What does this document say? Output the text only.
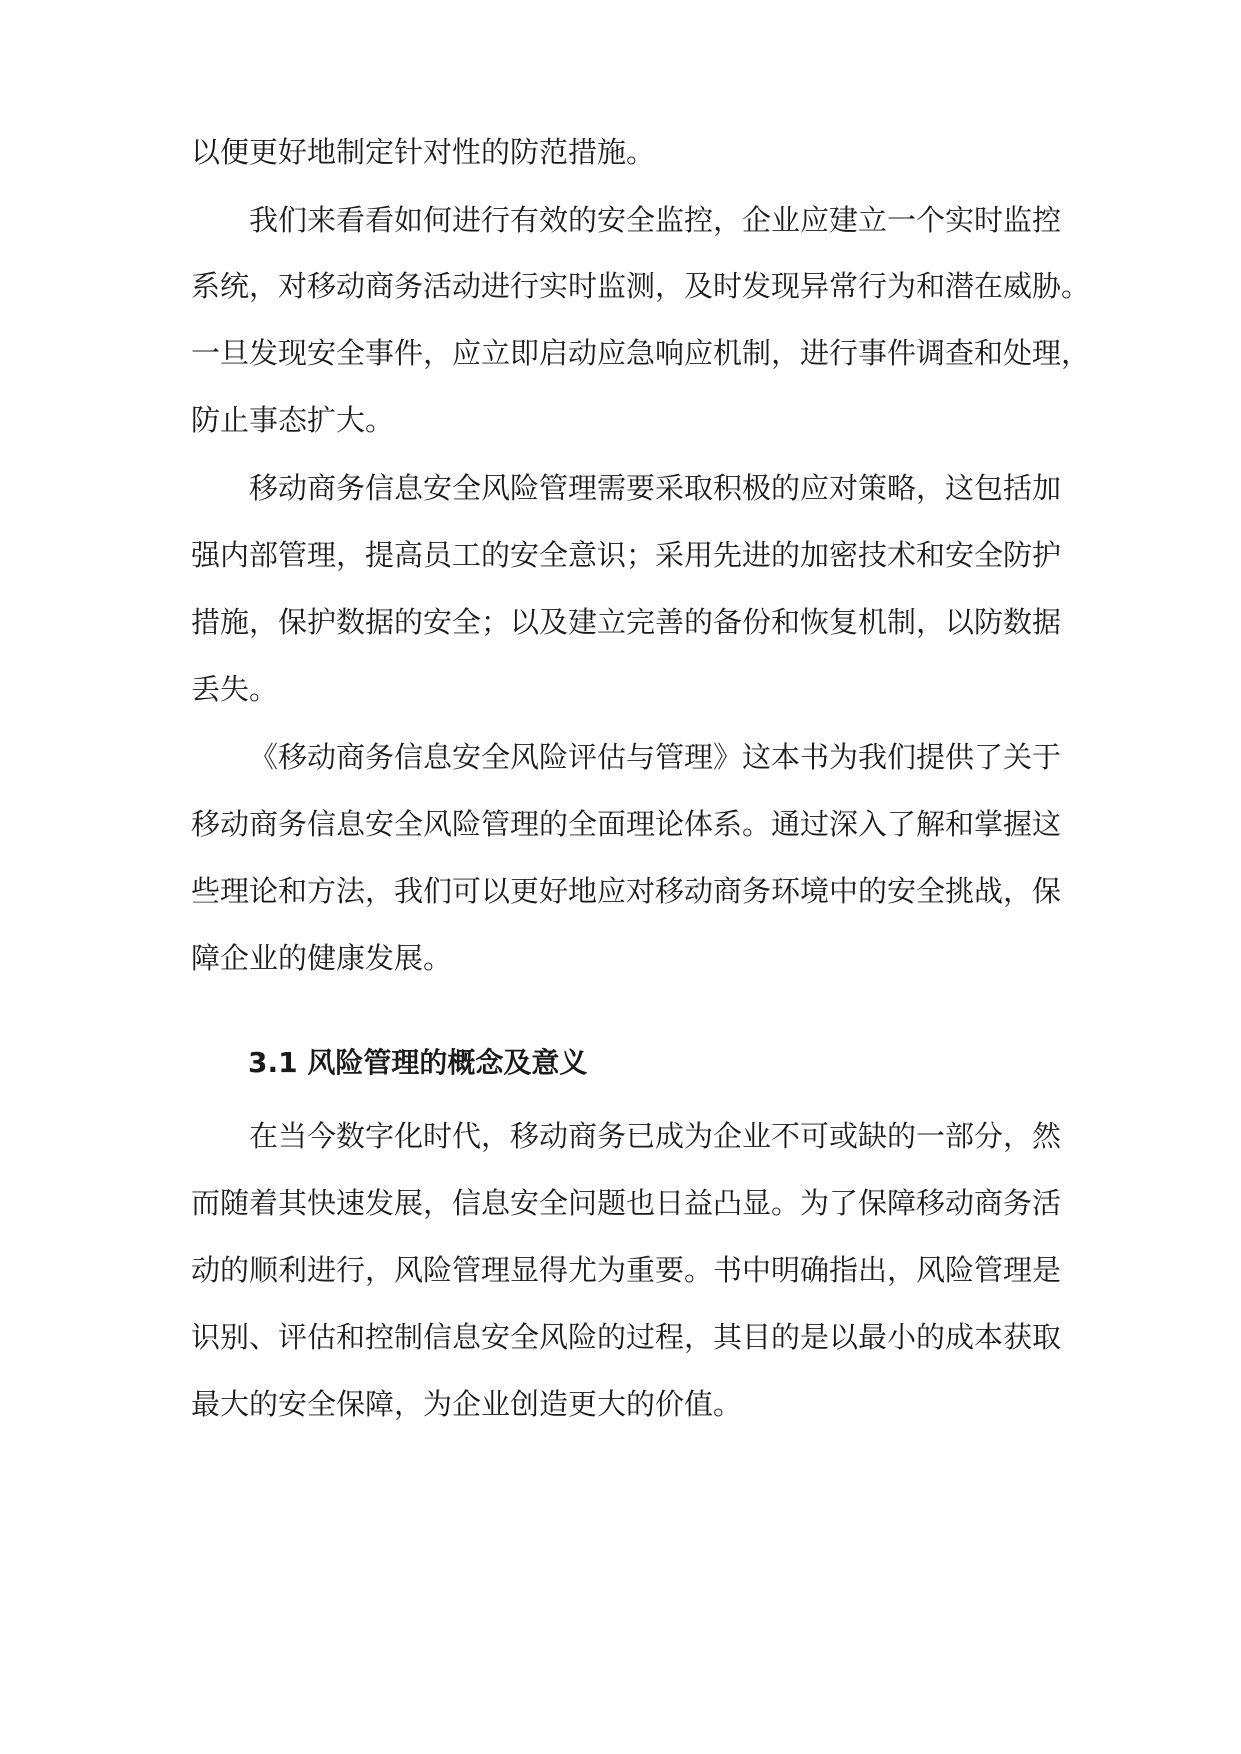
以便更好地制定针对性的防范措施。
我们来看看如何进行有效的安全监控，企业应建立一个实时监控
系统，对移动商务活动进行实时监测，及时发现异常行为和潜在威胁。
一旦发现安全事件，应立即启动应急响应机制，进行事件调查和处理，
防止事态扩大。
移动商务信息安全风险管理需要采取积极的应对策略，这包括加
强内部管理，提高员工的安全意识；采用先进的加密技术和安全防护
措施，保护数据的安全；以及建立完善的备份和恢复机制，以防数据
丢失。
《移动商务信息安全风险评估与管理》这本书为我们提供了关于
移动商务信息安全风险管理的全面理论体系。通过深入了解和掌握这
些理论和方法，我们可以更好地应对移动商务环境中的安全挑战，保
障企业的健康发展。
在当今数字化时代，移动商务已成为企业不可或缺的一部分，然
而随着其快速发展，信息安全问题也日益凸显。为了保障移动商务活
动的顺利进行，风险管理显得尤为重要。书中明确指出，风险管理是
识别、评估和控制信息安全风险的过程，其目的是以最小的成本获取
最大的安全保障，为企业创造更大的价值。
3.1 风险管理的概念及意义
